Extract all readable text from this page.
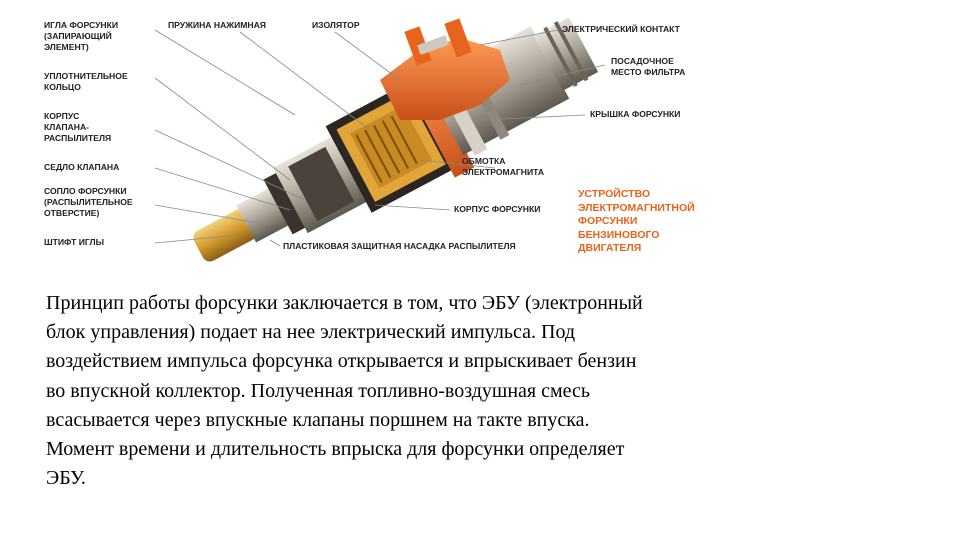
ИГЛА ФОРСУНКИ
(ЗАПИРАЮЩИЙ
ЭЛЕМЕНТ)
УПЛОТНИТЕЛЬНОЕ
КОЛЬЦО
КОРПУС
КЛАПАНА-
РАСПЫЛИТЕЛЯ
СЕДЛО КЛАПАНА
СОПЛО ФОРСУНКИ
(РАСПЫЛИТЕЛЬНОЕ
ОТВЕРСТИЕ)
ШТИФТ ИГЛЫ
ПРУЖИНА НАЖИМНАЯ	ИЗОЛЯТОР	ЭЛЕКТРИЧЕСКИЙ КОНТАКТ
ПОСАДОЧНОЕ
МЕСТО ФИЛЬТРА
КРЫШКА ФОРСУНКИ
ОБМОТКА
ЭЛЕКТРОМАГНИТА
КОРПУС ФОРСУНКИ
ПЛАСТИКОВАЯ ЗАЩИТНАЯ НАСАДКА РАСПЫЛИТЕЛЯ
УСТРОЙСТВО
ЭЛЕКТРОМАГНИТНОЙ
ФОРСУНКИ
БЕНЗИНОВОГО
ДВИГАТЕЛЯ
Принцип работы форсунки заключается в том, что ЭБУ (электронный блок управления) подает на нее электрический импульса. Под воздействием импульса форсунка открывается и впрыскивает бензин во впускной коллектор. Полученная топливно-воздушная смесь всасывается через впускные клапаны поршнем на такте впуска. Момент времени и длительность впрыска для форсунки определяет ЭБУ.
